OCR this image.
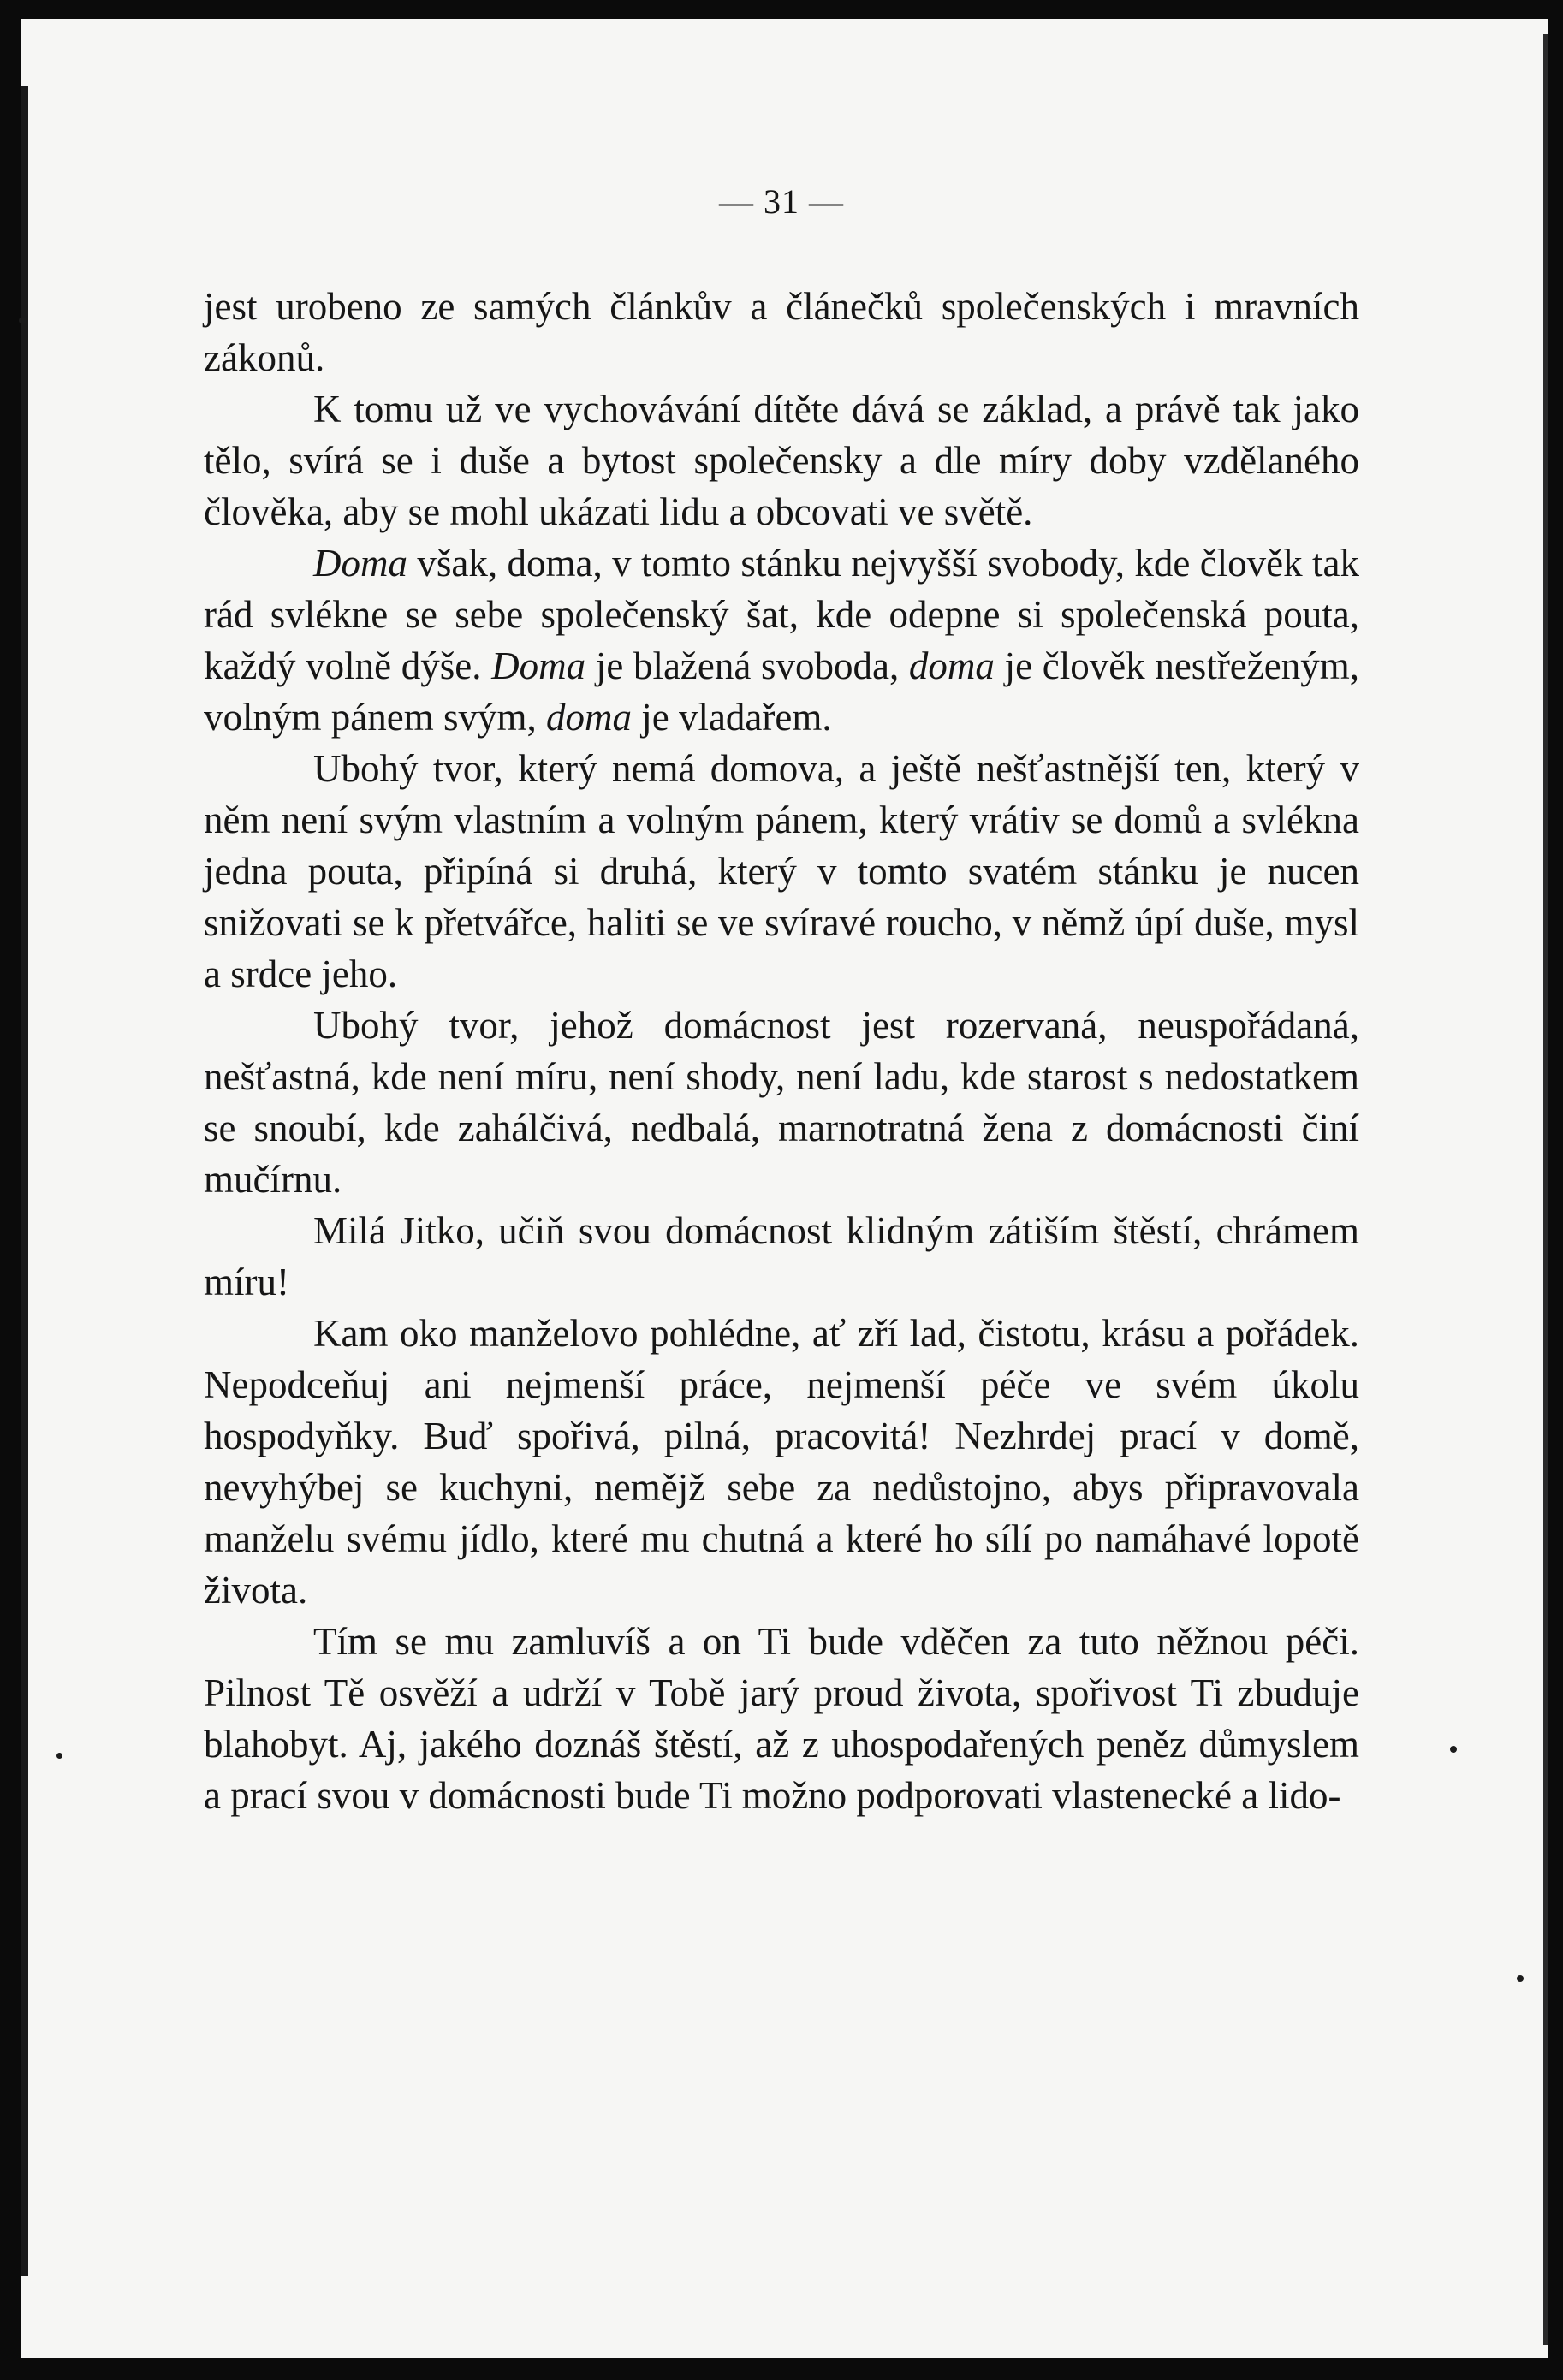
— 31 —

jest urobeno ze samých článkův a článečků společenských i mravních zákonů.

K tomu už ve vychovávání dítěte dává se základ, a právě tak jako tělo, svírá se i duše a bytost společensky a dle míry doby vzdělaného člověka, aby se mohl ukázati lidu a obcovati ve světě.

Doma však, doma, v tomto stánku nejvyšší svobody, kde člověk tak rád svlékne se sebe společenský šat, kde odepne si společenská pouta, každý volně dýše. Doma je blažená svoboda, doma je člověk nestřeženým, volným pánem svým, doma je vladařem.

Ubohý tvor, který nemá domova, a ještě nešťastnější ten, který v něm není svým vlastním a volným pánem, který vrátiv se domů a svlékna jedna pouta, připíná si druhá, který v tomto svatém stánku je nucen snižovati se k přetvářce, haliti se ve svíravé roucho, v němž úpí duše, mysl a srdce jeho.

Ubohý tvor, jehož domácnost jest rozervaná, neuspořádaná, nešťastná, kde není míru, není shody, není ladu, kde starost s nedostatkem se snoubí, kde zahálčivá, nedbalá, marnotratná žena z domácnosti činí mučírnu.

Milá Jitko, učiň svou domácnost klidným zátiším štěstí, chrámem míru!

Kam oko manželovo pohlédne, ať zří lad, čistotu, krásu a pořádek. Nepodceňuj ani nejmenší práce, nejmenší péče ve svém úkolu hospodyňky. Buď spořivá, pilná, pracovitá! Nezhrdej prací v domě, nevyhýbej se kuchyni, nemějž sebe za nedůstojno, abys připravovala manželu svému jídlo, které mu chutná a které ho sílí po namáhavé lopotě života.

Tím se mu zamluvíš a on Ti bude vděčen za tuto něžnou péči. Pilnost Tě osvěží a udrží v Tobě jarý proud života, spořivost Ti zbuduje blahobyt. Aj, jakého doznáš štěstí, až z uhospodařených peněz důmyslem a prací svou v domácnosti bude Ti možno podporovati vlastenecké a lido-
